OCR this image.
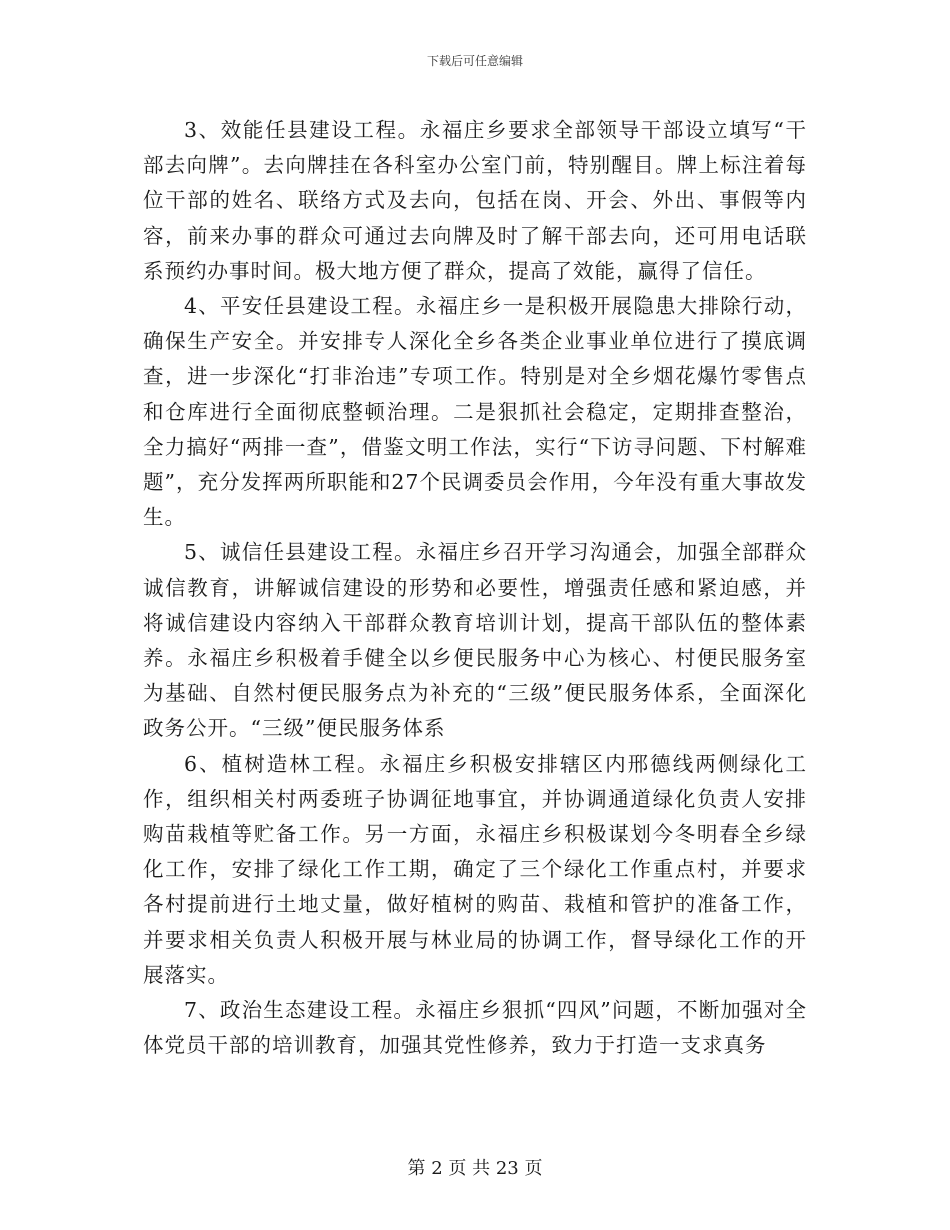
下载后可任意编辑

3、效能任县建设工程。永福庄乡要求全部领导干部设立填写“干部去向牌”。去向牌挂在各科室办公室门前，特别醒目。牌上标注着每位干部的姓名、联络方式及去向，包括在岗、开会、外出、事假等内容，前来办事的群众可通过去向牌及时了解干部去向，还可用电话联系预约办事时间。极大地方便了群众，提高了效能，赢得了信任。

4、平安任县建设工程。永福庄乡一是积极开展隐患大排除行动，确保生产安全。并安排专人深化全乡各类企业事业单位进行了摸底调查，进一步深化“打非治违”专项工作。特别是对全乡烟花爆竹零售点和仓库进行全面彻底整顿治理。二是狠抓社会稳定，定期排查整治，全力搞好“两排一查”，借鉴文明工作法，实行“下访寻问题、下村解难题”，充分发挥两所职能和27个民调委员会作用，今年没有重大事故发生。

5、诚信任县建设工程。永福庄乡召开学习沟通会，加强全部群众诚信教育，讲解诚信建设的形势和必要性，增强责任感和紧迫感，并将诚信建设内容纳入干部群众教育培训计划，提高干部队伍的整体素养。永福庄乡积极着手健全以乡便民服务中心为核心、村便民服务室为基础、自然村便民服务点为补充的“三级”便民服务体系，全面深化政务公开。“三级”便民服务体系

6、植树造林工程。永福庄乡积极安排辖区内邢德线两侧绿化工作，组织相关村两委班子协调征地事宜，并协调通道绿化负责人安排购苗栽植等贮备工作。另一方面，永福庄乡积极谋划今冬明春全乡绿化工作，安排了绿化工作工期，确定了三个绿化工作重点村，并要求各村提前进行土地丈量，做好植树的购苗、栽植和管护的准备工作，并要求相关负责人积极开展与林业局的协调工作，督导绿化工作的开展落实。

7、政治生态建设工程。永福庄乡狠抓“四风”问题，不断加强对全体党员干部的培训教育，加强其党性修养，致力于打造一支求真务

第 2 页 共 23 页
